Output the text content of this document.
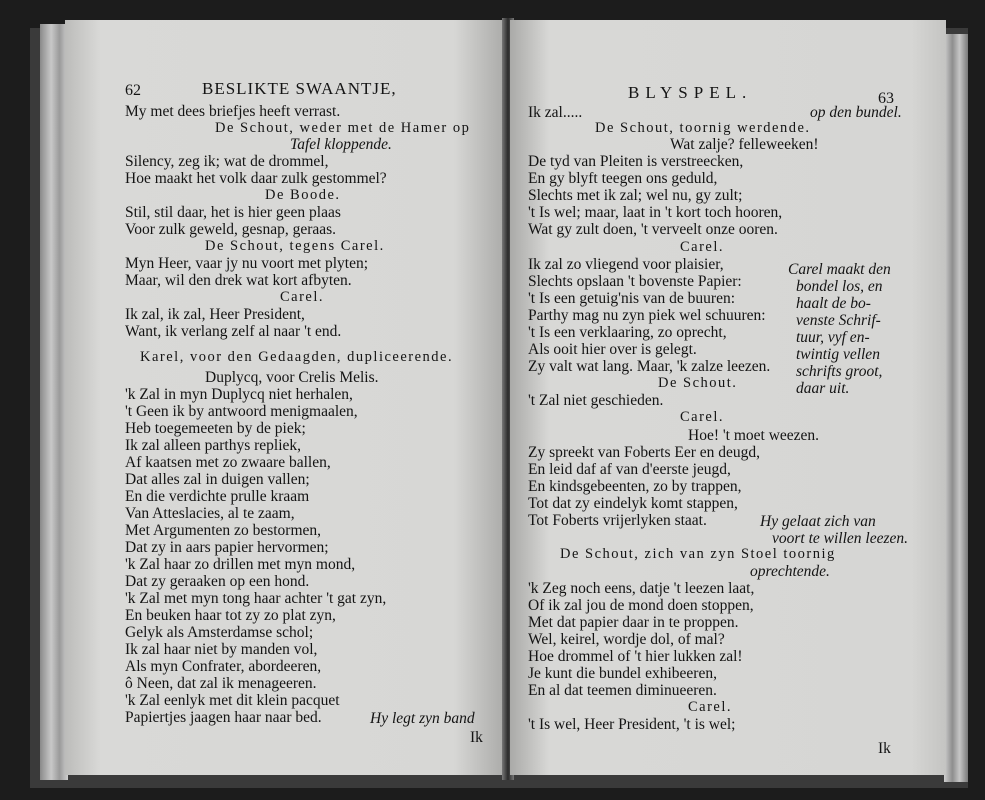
62	BESLIKTE SWAANTJE,
My met dees briefjes heeft verrast.
De Schout, weder met de Hamer op
Tafel kloppende.
Silency, zeg ik; wat de drommel,
Hoe maakt het volk daar zulk gestommel?
De Boode.
Stil, stil daar, het is hier geen plaas
Voor zulk geweld, gesnap, geraas.
De Schout, tegens Carel.
Myn Heer, vaar jy nu voort met plyten;
Maar, wil den drek wat kort afbyten.
Carel.
Ik zal, ik zal, Heer President,
Want, ik verlang zelf al naar 't end.
Karel, voor den Gedaagden, dupliceerende.
Duplycq, voor Crelis Melis.
'k Zal in myn Duplycq niet herhalen,
't Geen ik by antwoord menigmaalen,
Heb toegemeeten by de piek;
Ik zal alleen parthys repliek,
Af kaatsen met zo zwaare ballen,
Dat alles zal in duigen vallen;
En die verdichte prulle kraam
Van Atteslacies, al te zaam,
Met Argumenten zo bestormen,
Dat zy in aars papier hervormen;
'k Zal haar zo drillen met myn mond,
Dat zy geraaken op een hond.
'k Zal met myn tong haar achter 't gat zyn,
En beuken haar tot zy zo plat zyn,
Gelyk als Amsterdamse schol;
Ik zal haar niet by manden vol,
Als myn Confrater, abordeeren,
ô Neen, dat zal ik menageeren.
'k Zal eenlyk met dit klein pacquet
Papiertjes jaagen haar naar bed.	Hy legt zyn band
Ik
BLYSPEL.	63
Ik zal.....	op den bundel.
De Schout, toornig werdende.
Wat zalje? felleweeken!
De tyd van Pleiten is verstreecken,
En gy blyft teegen ons geduld,
Slechts met ik zal; wel nu, gy zult;
't Is wel; maar, laat in 't kort toch hooren,
Wat gy zult doen, 't verveelt onze ooren.
Carel.
Ik zal zo vliegend voor plaisier,
Slechts opslaan 't bovenste Papier:
't Is een getuig'nis van de buuren:
Parthy mag nu zyn piek wel schuuren:
't Is een verklaaring, zo oprecht,
Als ooit hier over is gelegt.
Zy valt wat lang. Maar, 'k zalze leezen.
De Schout.
't Zal niet geschieden.
Carel.
Hoe! 't moet weezen.
Zy spreekt van Foberts Eer en deugd,
En leid daf af van d'eerste jeugd,
En kindsgebeenten, zo by trappen,
Tot dat zy eindelyk komt stappen,
Tot Foberts vrijerlyken staat.	Hy gelaat zich van
voort te willen leezen.
De Schout, zich van zyn Stoel toornig
oprechtende.
'k Zeg noch eens, datje 't leezen laat,
Of ik zal jou de mond doen stoppen,
Met dat papier daar in te proppen.
Wel, keirel, wordje dol, of mal?
Hoe drommel of 't hier lukken zal!
Je kunt die bundel exhibeeren,
En al dat teemen diminueeren.
Carel.
't Is wel, Heer President, 't is wel;
Ik
Carel maakt den
bondel los, en
haalt de bo-
venste Schrif-
tuur, vyf en-
twintig vellen
schrifts groot,
daar uit.
